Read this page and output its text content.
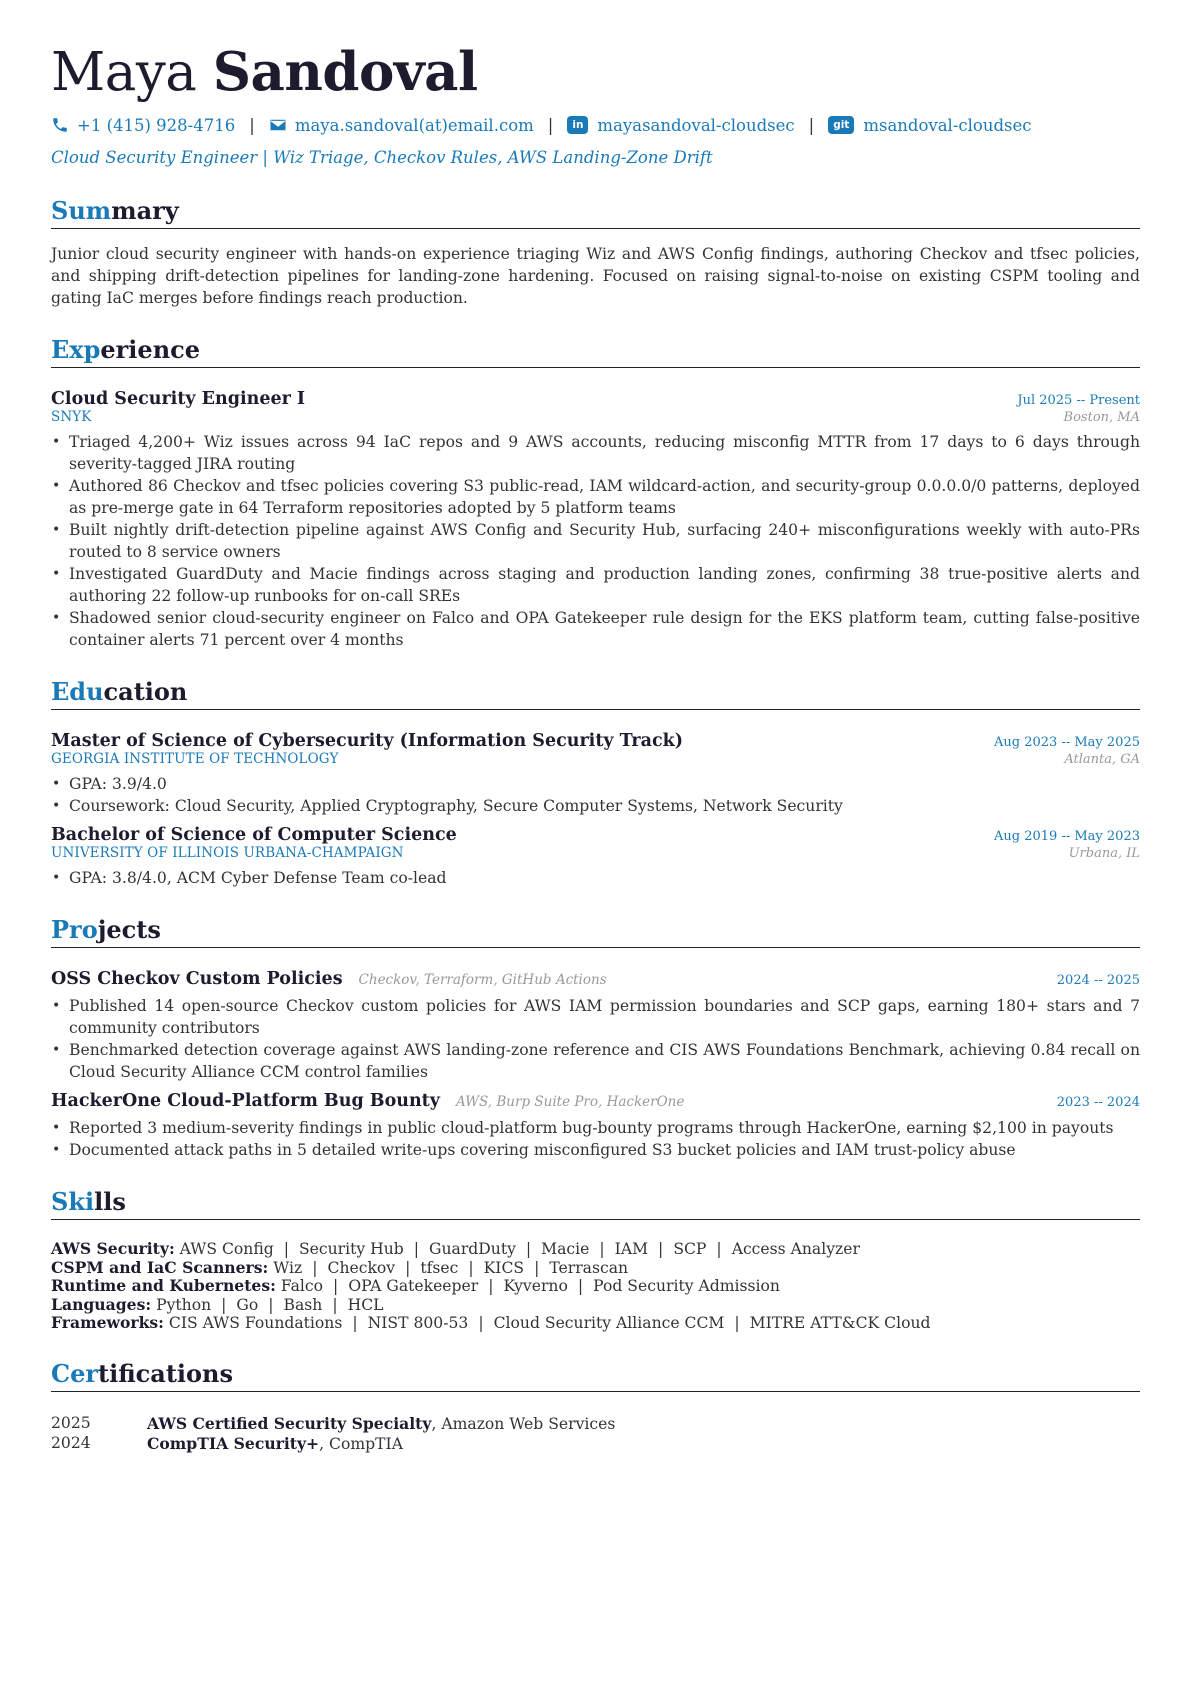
Maya Sandoval
+1 (415) 928-4716 | maya.sandoval(at)email.com |	in mayasandoval-cloudsec |	git msandoval-cloudsec
Cloud Security Engineer | Wiz Triage, Checkov Rules, AWS Landing-Zone Drift
Summary

Junior cloud security engineer with hands-on experience triaging Wiz and AWS Config findings, authoring Checkov and tfsec policies, and shipping drift-detection pipelines for landing-zone hardening. Focused on raising signal-to-noise on existing CSPM tooling and gating IaC merges before findings reach production.

Experience
Cloud Security Engineer I	Jul 2025 -- Present
SNYK	Boston, MA
• Triaged 4,200+ Wiz issues across 94 IaC repos and 9 AWS accounts, reducing misconfig MTTR from 17 days to 6 days through severity-tagged JIRA routing
• Authored 86 Checkov and tfsec policies covering S3 public-read, IAM wildcard-action, and security-group 0.0.0.0/0 patterns, deployed as pre-merge gate in 64 Terraform repositories adopted by 5 platform teams
• Built nightly drift-detection pipeline against AWS Config and Security Hub, surfacing 240+ misconfigurations weekly with auto-PRs routed to 8 service owners
• Investigated GuardDuty and Macie findings across staging and production landing zones, confirming 38 true-positive alerts and authoring 22 follow-up runbooks for on-call SREs
• Shadowed senior cloud-security engineer on Falco and OPA Gatekeeper rule design for the EKS platform team, cutting false-positive container alerts 71 percent over 4 months
Education
Master of Science of Cybersecurity (Information Security Track)	Aug 2023 -- May 2025
GEORGIA INSTITUTE OF TECHNOLOGY	Atlanta, GA
• GPA: 3.9/4.0
• Coursework: Cloud Security, Applied Cryptography, Secure Computer Systems, Network Security
Bachelor of Science of Computer Science	Aug 2019 -- May 2023
UNIVERSITY OF ILLINOIS URBANA-CHAMPAIGN	Urbana, IL
• GPA: 3.8/4.0, ACM Cyber Defense Team co-lead
Projects
OSS Checkov Custom Policies Checkov, Terraform, GitHub Actions	2024 -- 2025
• Published 14 open-source Checkov custom policies for AWS IAM permission boundaries and SCP gaps, earning 180+ stars and 7 community contributors
• Benchmarked detection coverage against AWS landing-zone reference and CIS AWS Foundations Benchmark, achieving 0.84 recall on Cloud Security Alliance CCM control families
HackerOne Cloud-Platform Bug Bounty AWS, Burp Suite Pro, HackerOne	2023 -- 2024
• Reported 3 medium-severity findings in public cloud-platform bug-bounty programs through HackerOne, earning $2,100 in payouts
• Documented attack paths in 5 detailed write-ups covering misconfigured S3 bucket policies and IAM trust-policy abuse
Skills
AWS Security: AWS Config | Security Hub | GuardDuty | Macie | IAM | SCP | Access Analyzer
CSPM and IaC Scanners: Wiz | Checkov | tfsec | KICS | Terrascan
Runtime and Kubernetes: Falco | OPA Gatekeeper | Kyverno | Pod Security Admission
Languages: Python | Go | Bash | HCL
Frameworks: CIS AWS Foundations | NIST 800-53 | Cloud Security Alliance CCM | MITRE ATT&CK Cloud
Certifications
2025	AWS Certified Security Specialty, Amazon Web Services
2024	CompTIA Security+, CompTIA
